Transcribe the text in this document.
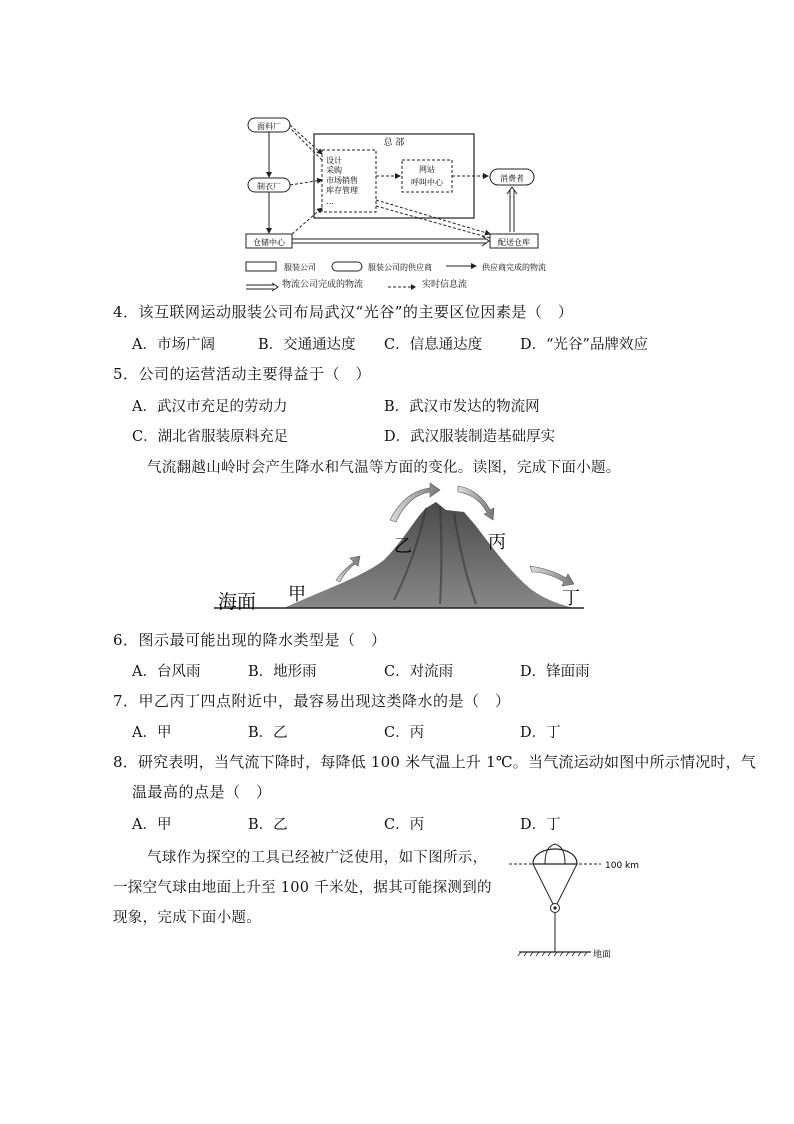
总 部
设计
采购
市场销售
库存管理
…
网站
呼叫中心
面料厂
制衣厂
消费者
仓储中心	配送仓库
服装公司	服装公司的供应商	供应商完成的物流
物流公司完成的物流	实时信息流
4．该互联网运动服装公司布局武汉“光谷”的主要区位因素是（　）
A．市场广阔	B．交通通达度 C．信息通达度	D．“光谷”品牌效应
5．公司的运营活动主要得益于（　）
A．武汉市充足的劳动力	B．武汉市发达的物流网
C．湖北省服装原料充足	D．武汉服装制造基础厚实
气流翻越山岭时会产生降水和气温等方面的变化。读图，完成下面小题。
海面 甲
乙	丙
丁
6．图示最可能出现的降水类型是（　）
A．台风雨	B．地形雨	C．对流雨	D．锋面雨
7．甲乙丙丁四点附近中，最容易出现这类降水的是（　）
A．甲	B．乙	C．丙	D．丁
8．研究表明，当气流下降时，每降低 100 米气温上升 1℃。当气流运动如图中所示情况时，气
温最高的点是（　）
A．甲	B．乙	C．丙	D．丁
气球作为探空的工具已经被广泛使用，如下图所示，
一探空气球由地面上升至 100 千米处，据其可能探测到的
现象，完成下面小题。
100 km
地面
